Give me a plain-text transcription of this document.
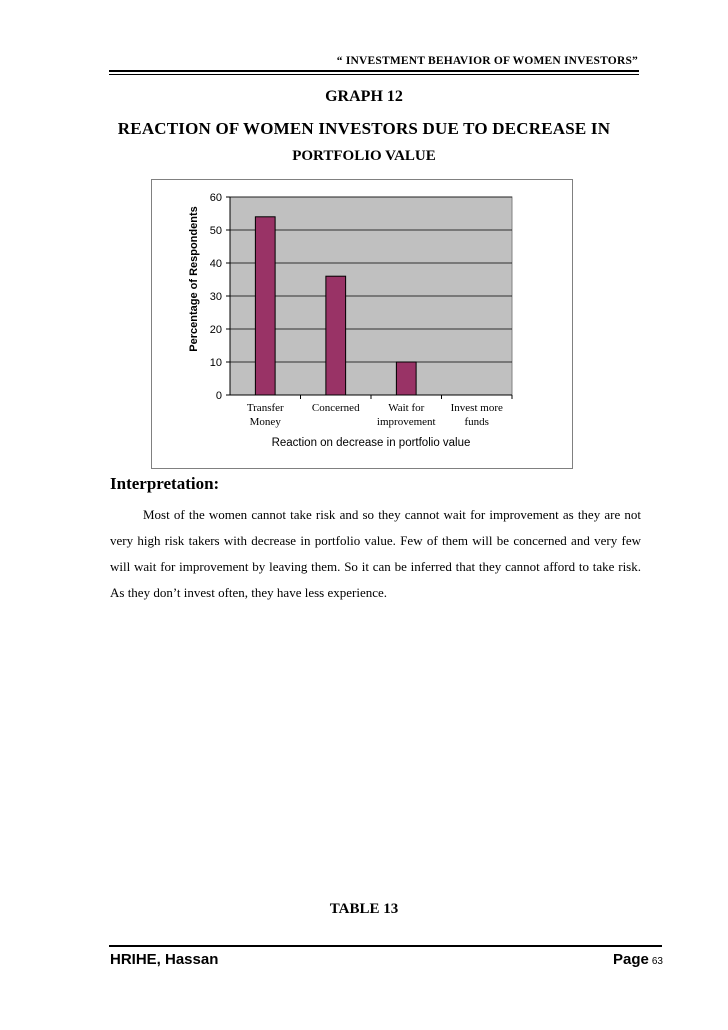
“ INVESTMENT BEHAVIOR OF WOMEN INVESTORS”
GRAPH 12
REACTION OF WOMEN INVESTORS DUE TO DECREASE IN
PORTFOLIO VALUE
0
10
20
30
40
50
60
Transfer
Money
Concerned	Wait for
improvement
Invest more
funds
Reaction on decrease in portfolio value
Percentage of Respondents
Interpretation:
Most of the women cannot take risk and so they cannot wait for improvement as they are not very high risk takers with decrease in portfolio value. Few of them will be concerned and very few will wait for improvement by leaving them. So it can be inferred that they cannot afford to take risk. As they don’t invest often, they have less experience.
TABLE 13
HRIHE, Hassan	Page 63
